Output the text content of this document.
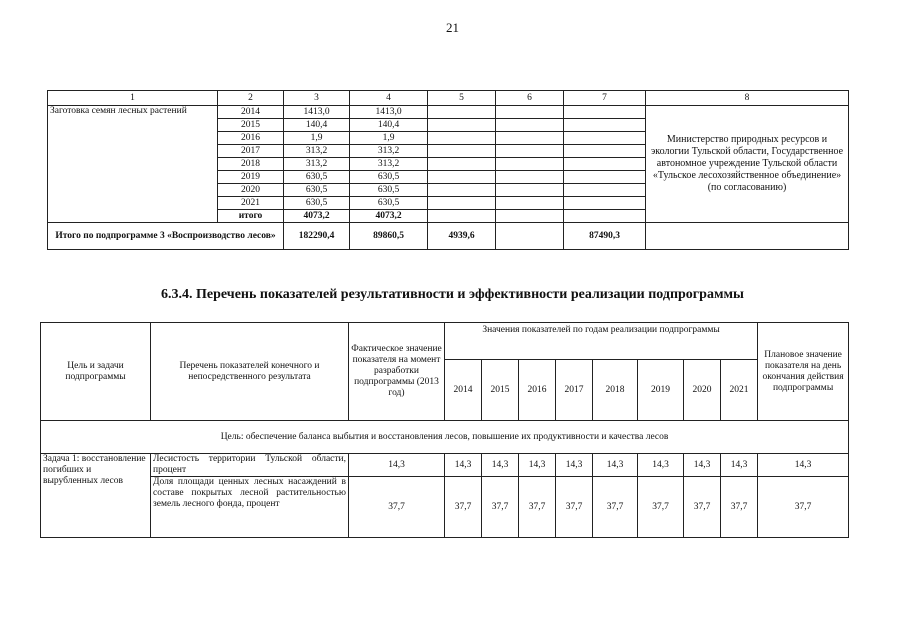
21
1	2	3	4	5	6	7	8
Заготовка семян лесных растений	2014	1413,0	1413,0				Министерство природных ресурсов и экологии Тульской области, Государственное автономное учреждение Тульской области «Тульское лесохозяйственное объединение» (по согласованию)
	2015	140,4	140,4				
	2016	1,9	1,9				
	2017	313,2	313,2				
	2018	313,2	313,2				
	2019	630,5	630,5				
	2020	630,5	630,5				
	2021	630,5	630,5				
	итого	4073,2	4073,2				
Итого по подпрограмме 3 «Воспроизводство лесов»		182290,4	89860,5	4939,6		87490,3	
6.3.4. Перечень показателей результативности и эффективности реализации подпрограммы
Цель и задачи подпрограммы	Перечень показателей конечного и непосредственного результата	Фактическое значение показателя на момент разработки подпрограммы (2013 год)	Значения показателей по годам реализации подпрограммы								Плановое значение показателя на день окончания действия подпрограммы
			2014	2015	2016	2017	2018	2019	2020	2021	
Цель: обеспечение баланса выбытия и восстановления лесов, повышение их продуктивности и качества лесов											
Задача 1: восстановление погибших и вырубленных лесов	Лесистость территории Тульской области, процент	14,3	14,3	14,3	14,3	14,3	14,3	14,3	14,3	14,3	14,3
	Доля площади ценных лесных насаждений в составе покрытых лесной растительностью земель лесного фонда, процент	37,7	37,7	37,7	37,7	37,7	37,7	37,7	37,7	37,7	37,7
